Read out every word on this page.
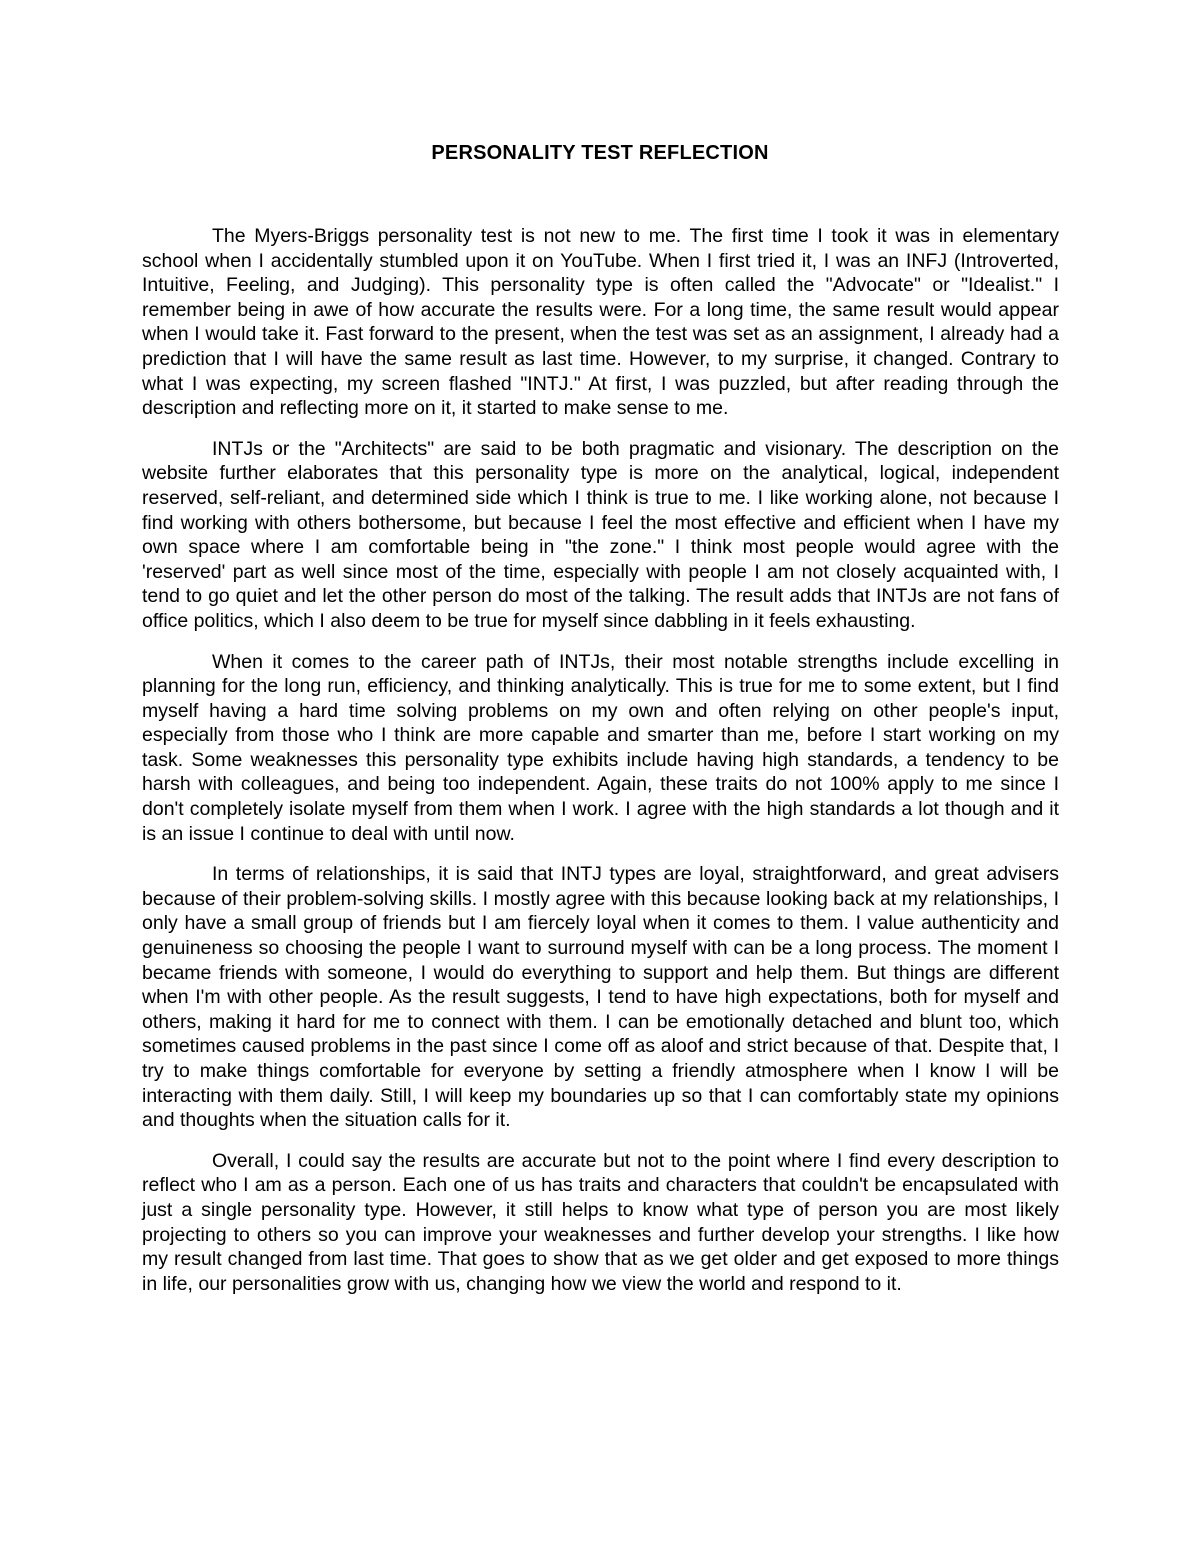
PERSONALITY TEST REFLECTION

The Myers-Briggs personality test is not new to me. The first time I took it was in elementary school when I accidentally stumbled upon it on YouTube. When I first tried it, I was an INFJ (Introverted, Intuitive, Feeling, and Judging). This personality type is often called the "Advocate" or "Idealist." I remember being in awe of how accurate the results were. For a long time, the same result would appear when I would take it. Fast forward to the present, when the test was set as an assignment, I already had a prediction that I will have the same result as last time. However, to my surprise, it changed. Contrary to what I was expecting, my screen flashed "INTJ." At first, I was puzzled, but after reading through the description and reflecting more on it, it started to make sense to me.

INTJs or the "Architects" are said to be both pragmatic and visionary. The description on the website further elaborates that this personality type is more on the analytical, logical, independent reserved, self-reliant, and determined side which I think is true to me. I like working alone, not because I find working with others bothersome, but because I feel the most effective and efficient when I have my own space where I am comfortable being in "the zone." I think most people would agree with the 'reserved' part as well since most of the time, especially with people I am not closely acquainted with, I tend to go quiet and let the other person do most of the talking. The result adds that INTJs are not fans of office politics, which I also deem to be true for myself since dabbling in it feels exhausting.

When it comes to the career path of INTJs, their most notable strengths include excelling in planning for the long run, efficiency, and thinking analytically. This is true for me to some extent, but I find myself having a hard time solving problems on my own and often relying on other people's input, especially from those who I think are more capable and smarter than me, before I start working on my task. Some weaknesses this personality type exhibits include having high standards, a tendency to be harsh with colleagues, and being too independent. Again, these traits do not 100% apply to me since I don't completely isolate myself from them when I work. I agree with the high standards a lot though and it is an issue I continue to deal with until now.

In terms of relationships, it is said that INTJ types are loyal, straightforward, and great advisers because of their problem-solving skills. I mostly agree with this because looking back at my relationships, I only have a small group of friends but I am fiercely loyal when it comes to them. I value authenticity and genuineness so choosing the people I want to surround myself with can be a long process. The moment I became friends with someone, I would do everything to support and help them. But things are different when I'm with other people. As the result suggests, I tend to have high expectations, both for myself and others, making it hard for me to connect with them. I can be emotionally detached and blunt too, which sometimes caused problems in the past since I come off as aloof and strict because of that. Despite that, I try to make things comfortable for everyone by setting a friendly atmosphere when I know I will be interacting with them daily. Still, I will keep my boundaries up so that I can comfortably state my opinions and thoughts when the situation calls for it.

Overall, I could say the results are accurate but not to the point where I find every description to reflect who I am as a person. Each one of us has traits and characters that couldn't be encapsulated with just a single personality type. However, it still helps to know what type of person you are most likely projecting to others so you can improve your weaknesses and further develop your strengths. I like how my result changed from last time. That goes to show that as we get older and get exposed to more things in life, our personalities grow with us, changing how we view the world and respond to it.
